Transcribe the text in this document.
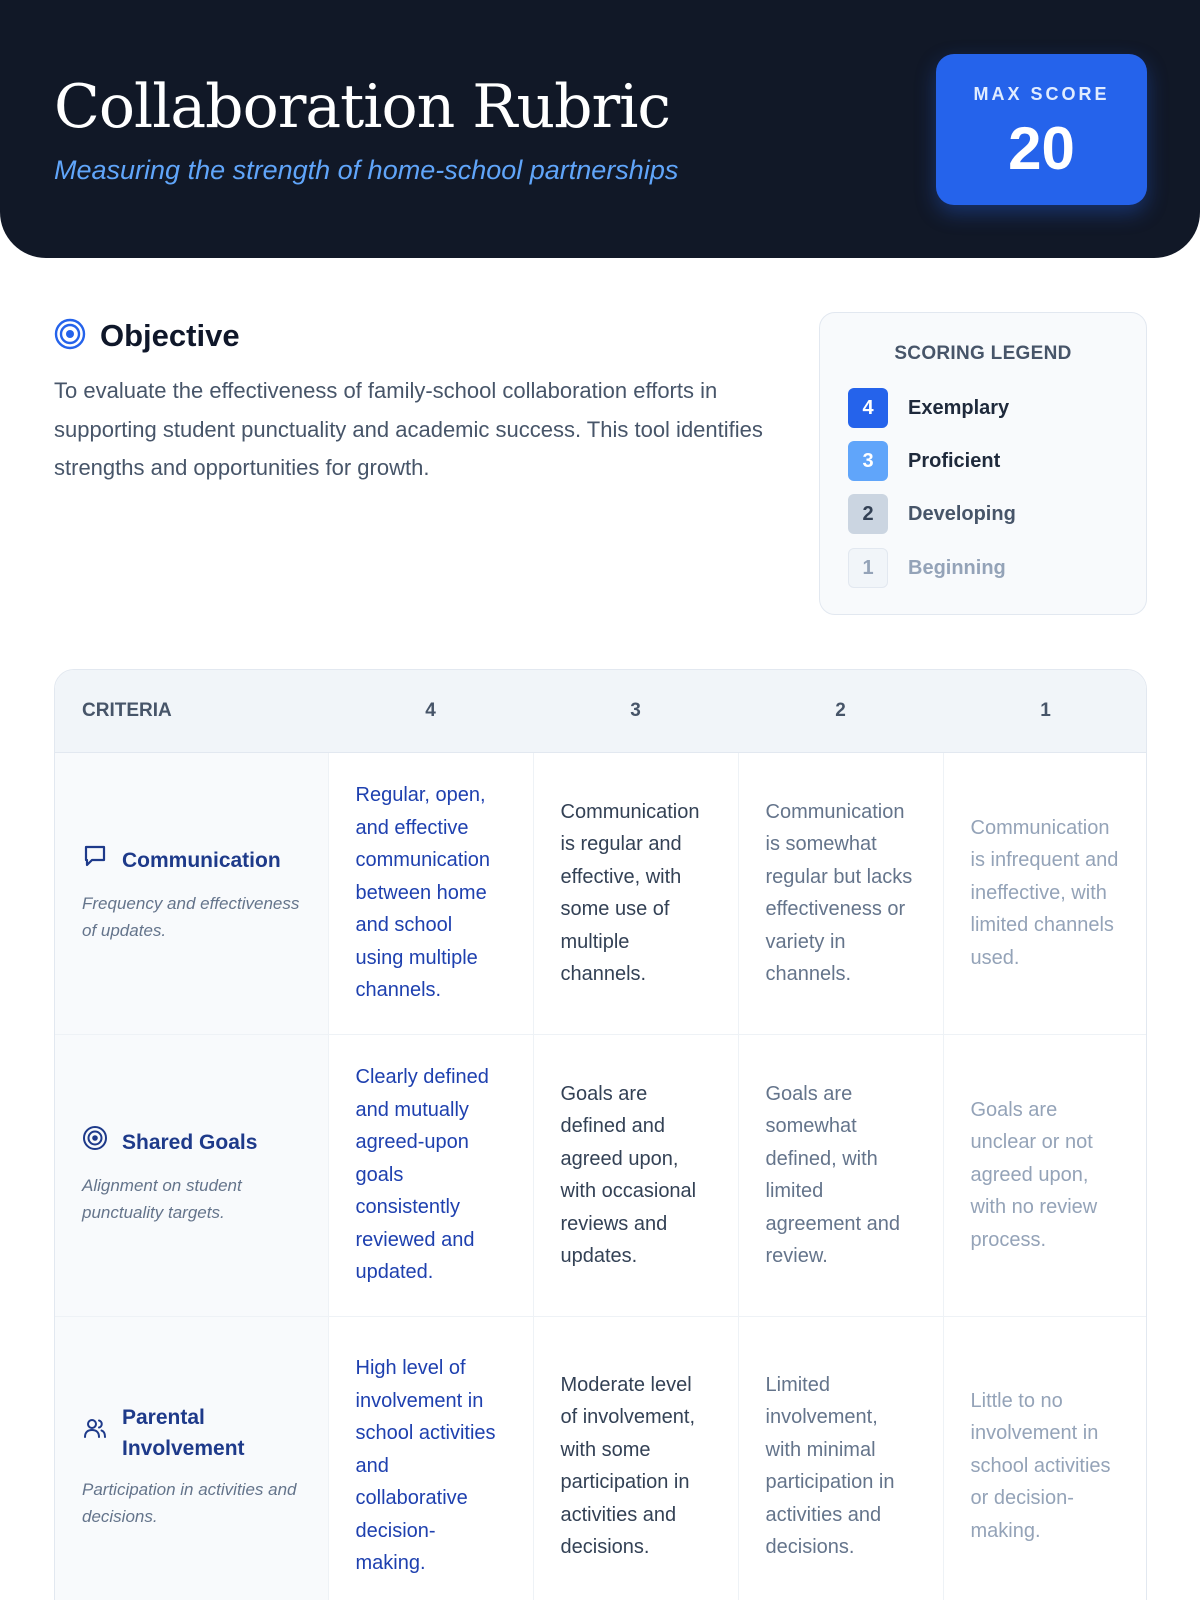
Collaboration Rubric
Measuring the strength of home-school partnerships
MAX SCORE
20
Objective

To evaluate the effectiveness of family-school collaboration efforts in supporting student punctuality and academic success. This tool identifies strengths and opportunities for growth.

SCORING LEGEND
4	Exemplary
3	Proficient
2	Developing
1	Beginning
CRITERIA	4	3	2	1

Communication
Frequency and effectiveness of updates.	Regular, open, and effective communication between home and school using multiple channels.	Communication is regular and effective, with some use of multiple channels.	Communication is somewhat regular but lacks effectiveness or variety in channels.	Communication is infrequent and ineffective, with limited channels used.

Shared Goals
Alignment on student punctuality targets.	Clearly defined and mutually agreed-upon goals consistently reviewed and updated.	Goals are defined and agreed upon, with occasional reviews and updates.	Goals are somewhat defined, with limited agreement and review.	Goals are unclear or not agreed upon, with no review process.

Parental Involvement
Participation in activities and decisions.	High level of involvement in school activities and collaborative decision-making.	Moderate level of involvement, with some participation in activities and decisions.	Limited involvement, with minimal participation in activities and decisions.	Little to no involvement in school activities or decision-making.
